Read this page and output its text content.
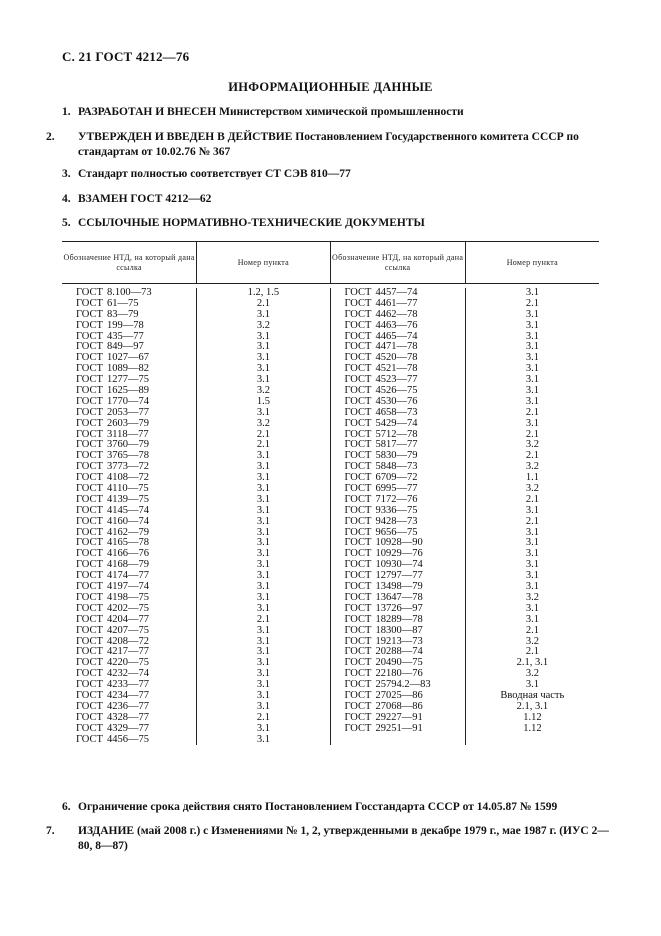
С. 21 ГОСТ 4212—76
ИНФОРМАЦИОННЫЕ ДАННЫЕ
1. РАЗРАБОТАН И ВНЕСЕН Министерством химической промышленности
2. УТВЕРЖДЕН И ВВЕДЕН В ДЕЙСТВИЕ Постановлением Государственного комитета СССР по стандартам от 10.02.76 № 367
3. Стандарт полностью соответствует СТ СЭВ 810—77
4. ВЗАМЕН ГОСТ 4212—62
5. ССЫЛОЧНЫЕ НОРМАТИВНО-ТЕХНИЧЕСКИЕ ДОКУМЕНТЫ
Обозначение НТД, на который дана ссылка
Номер пункта
Обозначение НТД, на который дана ссылка
Номер пункта
ГОСТ 8.100—73
ГОСТ 61—75
ГОСТ 83—79
ГОСТ 199—78
ГОСТ 435—77
ГОСТ 849—97
ГОСТ 1027—67
ГОСТ 1089—82
ГОСТ 1277—75
ГОСТ 1625—89
ГОСТ 1770—74
ГОСТ 2053—77
ГОСТ 2603—79
ГОСТ 3118—77
ГОСТ 3760—79
ГОСТ 3765—78
ГОСТ 3773—72
ГОСТ 4108—72
ГОСТ 4110—75
ГОСТ 4139—75
ГОСТ 4145—74
ГОСТ 4160—74
ГОСТ 4162—79
ГОСТ 4165—78
ГОСТ 4166—76
ГОСТ 4168—79
ГОСТ 4174—77
ГОСТ 4197—74
ГОСТ 4198—75
ГОСТ 4202—75
ГОСТ 4204—77
ГОСТ 4207—75
ГОСТ 4208—72
ГОСТ 4217—77
ГОСТ 4220—75
ГОСТ 4232—74
ГОСТ 4233—77
ГОСТ 4234—77
ГОСТ 4236—77
ГОСТ 4328—77
ГОСТ 4329—77
ГОСТ 4456—75
1.2, 1.5
2.1
3.1
3.2
3.1
3.1
3.1
3.1
3.1
3.2
1.5
3.1
3.2
2.1
2.1
3.1
3.1
3.1
3.1
3.1
3.1
3.1
3.1
3.1
3.1
3.1
3.1
3.1
3.1
3.1
2.1
3.1
3.1
3.1
3.1
3.1
3.1
3.1
3.1
2.1
3.1
3.1
ГОСТ 4457—74
ГОСТ 4461—77
ГОСТ 4462—78
ГОСТ 4463—76
ГОСТ 4465—74
ГОСТ 4471—78
ГОСТ 4520—78
ГОСТ 4521—78
ГОСТ 4523—77
ГОСТ 4526—75
ГОСТ 4530—76
ГОСТ 4658—73
ГОСТ 5429—74
ГОСТ 5712—78
ГОСТ 5817—77
ГОСТ 5830—79
ГОСТ 5848—73
ГОСТ 6709—72
ГОСТ 6995—77
ГОСТ 7172—76
ГОСТ 9336—75
ГОСТ 9428—73
ГОСТ 9656—75
ГОСТ 10928—90
ГОСТ 10929—76
ГОСТ 10930—74
ГОСТ 12797—77
ГОСТ 13498—79
ГОСТ 13647—78
ГОСТ 13726—97
ГОСТ 18289—78
ГОСТ 18300—87
ГОСТ 19213—73
ГОСТ 20288—74
ГОСТ 20490—75
ГОСТ 22180—76
ГОСТ 25794.2—83
ГОСТ 27025—86
ГОСТ 27068—86
ГОСТ 29227—91
ГОСТ 29251—91
3.1
2.1
3.1
3.1
3.1
3.1
3.1
3.1
3.1
3.1
3.1
2.1
3.1
2.1
3.2
2.1
3.2
1.1
3.2
2.1
3.1
2.1
3.1
3.1
3.1
3.1
3.1
3.1
3.2
3.1
3.1
2.1
3.2
2.1
2.1, 3.1
3.2
3.1
Вводная часть
2.1, 3.1
1.12
1.12
6. Ограничение срока действия снято Постановлением Госстандарта СССР от 14.05.87 № 1599
7. ИЗДАНИЕ (май 2008 г.) с Изменениями № 1, 2, утвержденными в декабре 1979 г., мае 1987 г. (ИУС 2—80, 8—87)
